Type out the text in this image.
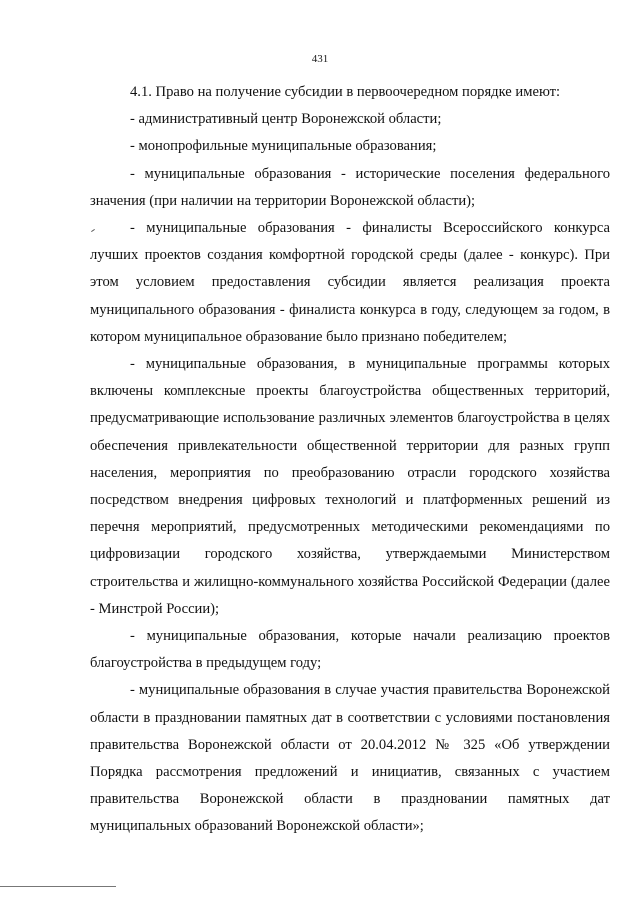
431

4.1. Право на получение субсидии в первоочередном порядке имеют:

- административный центр Воронежской области;

- монопрофильные муниципальные образования;

- муниципальные образования - исторические поселения федерального значения (при наличии на территории Воронежской области);

- муниципальные образования - финалисты Всероссийского конкурса лучших проектов создания комфортной городской среды (далее - конкурс). При этом условием предоставления субсидии является реализация проекта муниципального образования - финалиста конкурса в году, следующем за годом, в котором муниципальное образование было признано победителем;

- муниципальные образования, в муниципальные программы которых включены комплексные проекты благоустройства общественных территорий, предусматривающие использование различных элементов благоустройства в целях обеспечения привлекательности общественной территории для разных групп населения, мероприятия по преобразованию отрасли городского хозяйства посредством внедрения цифровых технологий и платформенных решений из перечня мероприятий, предусмотренных методическими рекомендациями по цифровизации городского хозяйства, утверждаемыми Министерством строительства и жилищно-коммунального хозяйства Российской Федерации (далее - Минстрой России);

- муниципальные образования, которые начали реализацию проектов благоустройства в предыдущем году;

- муниципальные образования в случае участия правительства Воронежской области в праздновании памятных дат в соответствии с условиями постановления правительства Воронежской области от 20.04.2012 № 325 «Об утверждении Порядка рассмотрения предложений и инициатив, связанных с участием правительства Воронежской области в праздновании памятных дат муниципальных образований Воронежской области»;
